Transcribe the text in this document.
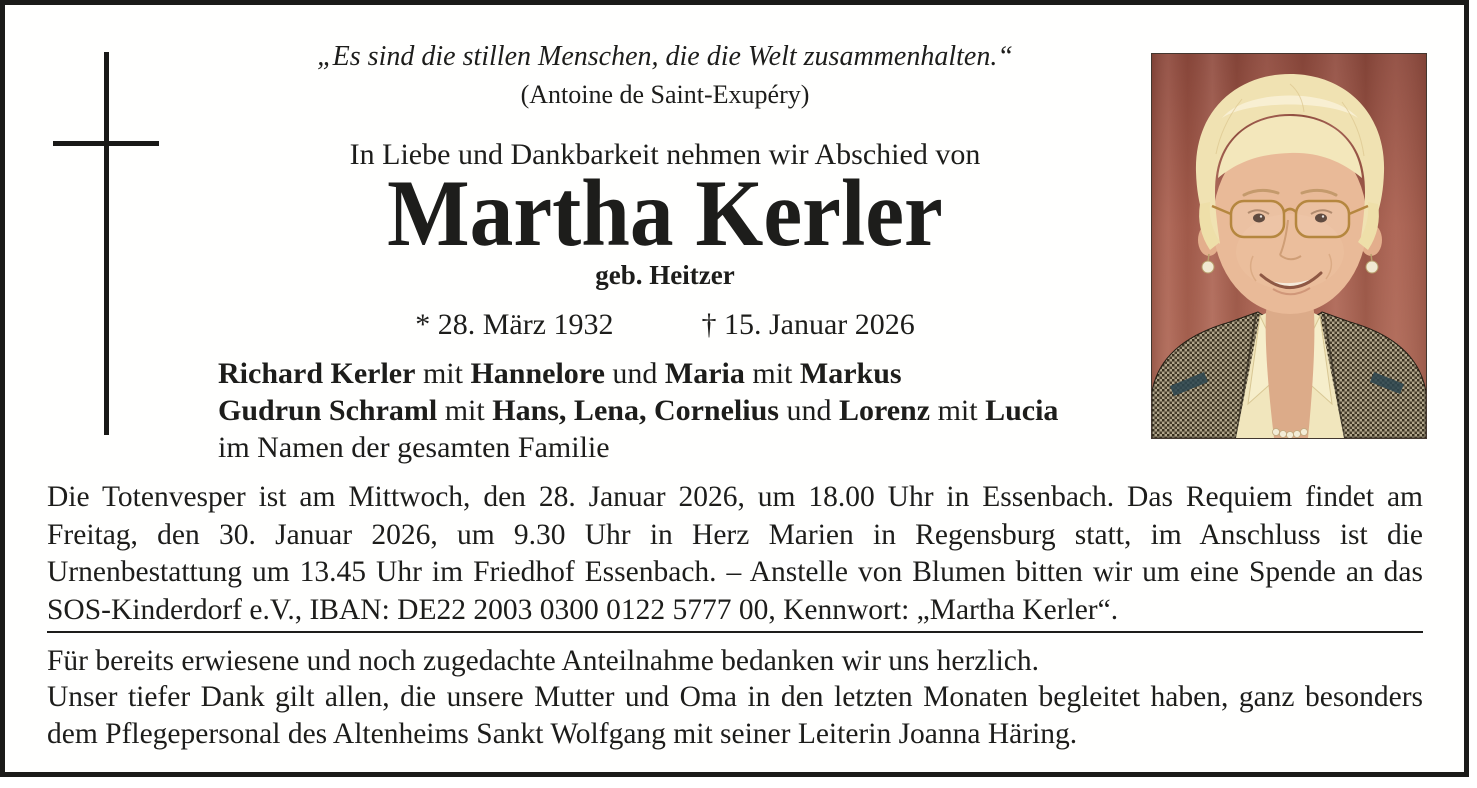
„Es sind die stillen Menschen, die die Welt zusammenhalten.“
(Antoine de Saint-Exupéry)
In Liebe und Dankbarkeit nehmen wir Abschied von
Martha Kerler
geb. Heitzer
* 28. März 1932	† 15. Januar 2026
Richard Kerler mit Hannelore und Maria mit Markus
Gudrun Schraml mit Hans, Lena, Cornelius und Lorenz mit Lucia
im Namen der gesamten Familie

Die Totenvesper ist am Mittwoch, den 28. Januar 2026, um 18.00 Uhr in Essenbach. Das Requiem findet am Freitag, den 30. Januar 2026, um 9.30 Uhr in Herz Marien in Regensburg statt, im Anschluss ist die Urnenbestattung um 13.45 Uhr im Friedhof Essenbach. – Anstelle von Blumen bitten wir um eine Spende an das SOS-Kinderdorf e.V., IBAN: DE22 2003 0300 0122 5777 00, Kennwort: „Martha Kerler“.

Für bereits erwiesene und noch zugedachte Anteilnahme bedanken wir uns herzlich.

Unser tiefer Dank gilt allen, die unsere Mutter und Oma in den letzten Monaten begleitet haben, ganz besonders dem Pflegepersonal des Altenheims Sankt Wolfgang mit seiner Leiterin Joanna Häring.
